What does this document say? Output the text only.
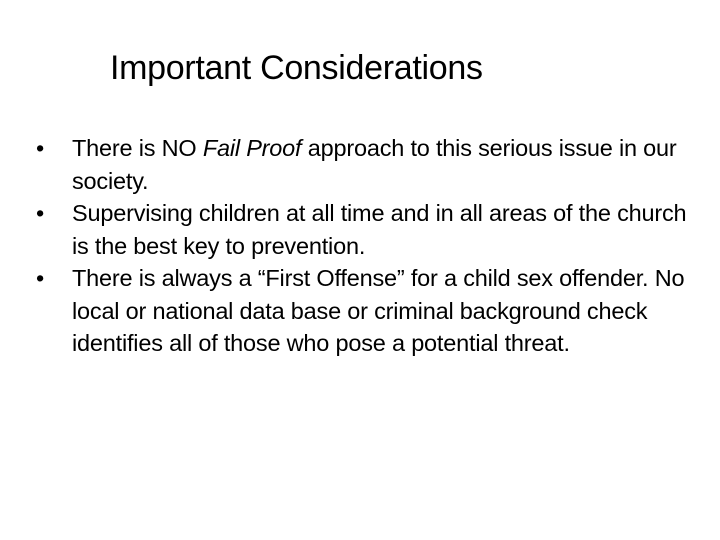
Important Considerations
•	There is NO Fail Proof approach to this serious issue in our society.
•	Supervising children at all time and in all areas of the church is the best key to prevention.
•	There is always a “First Offense” for a child sex offender. No local or national data base or criminal background check identifies all of those who pose a potential threat.
